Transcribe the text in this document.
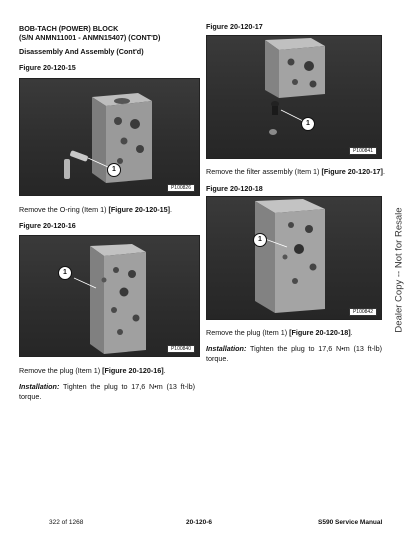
BOB-TACH (POWER) BLOCK
(S/N ANMN11001 - ANMN15407) (CONT'D)
Disassembly And Assembly (Cont'd)
Figure 20-120-15
1
P100826
Remove the O-ring (Item 1) [Figure 20-120-15].
Figure 20-120-16
1
P100840
Remove the plug (Item 1) [Figure 20-120-16].
Installation: Tighten the plug to 17,6 N•m (13 ft-lb) torque.
Figure 20-120-17
1
P100841
Remove the filter assembly (Item 1) [Figure 20-120-17].
Figure 20-120-18
1
P100842
Remove the plug (Item 1) [Figure 20-120-18].
Installation: Tighten the plug to 17,6 N•m (13 ft-lb) torque.
Dealer Copy -- Not for Resale
322 of 1268	20-120-6	S590 Service Manual
